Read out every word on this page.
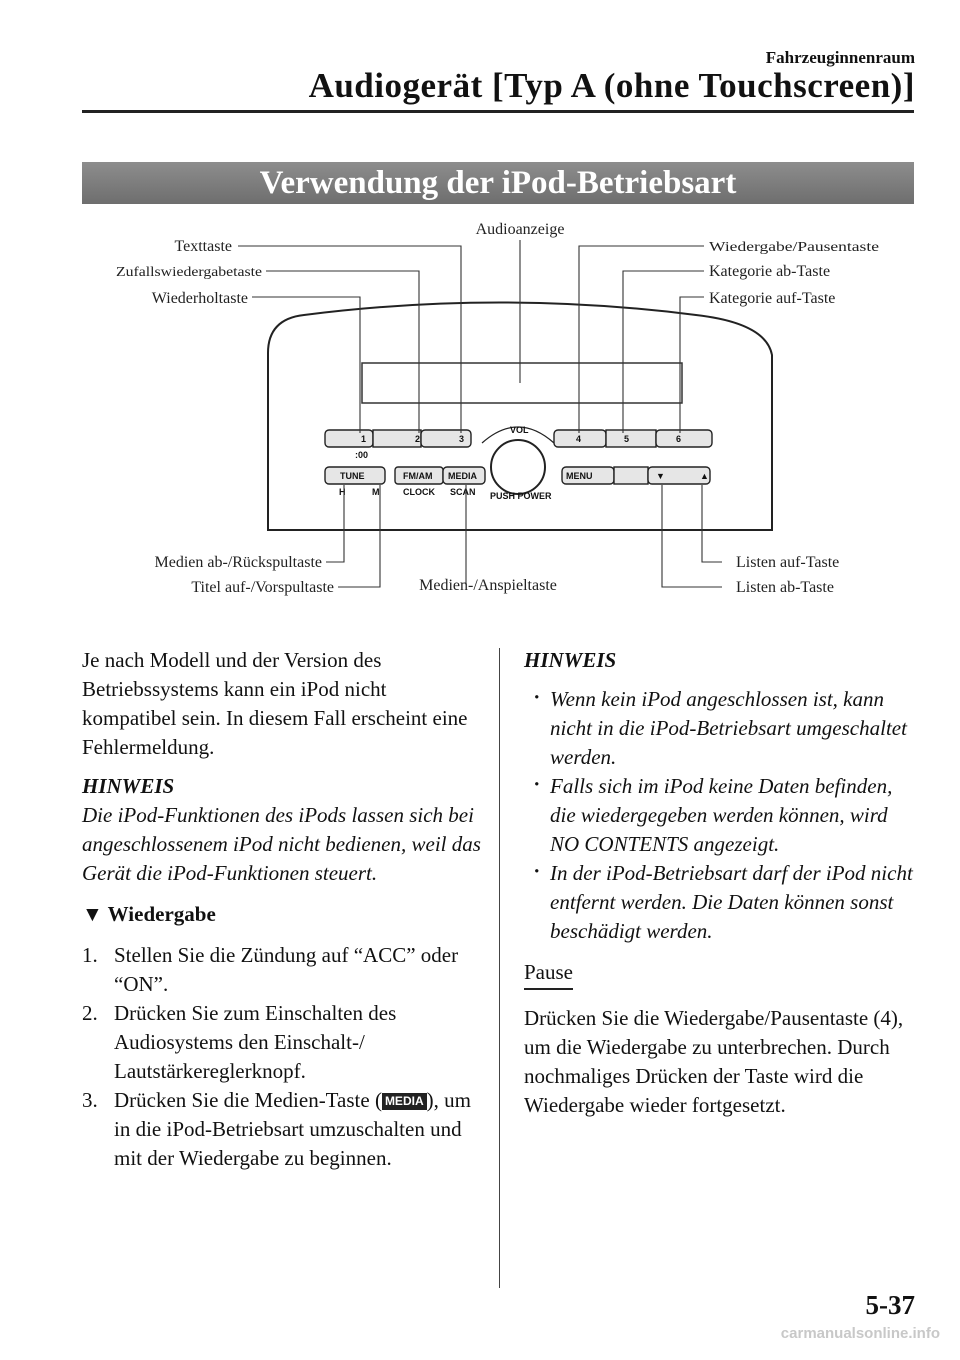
Fahrzeuginnenraum
Audiogerät [Typ A (ohne Touchscreen)]
Verwendung der iPod-Betriebsart
1	2	3	4	5	6
:00
VOL
TUNE	FM/AM MEDIA	MENU
PUSH POWER
H	M	CLOCK SCAN
▼	▲
Texttaste
Zufallswiedergabetaste
Wiederholtaste
Audioanzeige
Wiedergabe/Pausentaste
Kategorie ab-Taste
Kategorie auf-Taste
Medien ab-/Rückspultaste
Titel auf-/Vorspultaste	Medien-/Anspieltaste
Listen auf-Taste
Listen ab-Taste

Je nach Modell und der Version des Betriebssystems kann ein iPod nicht kompatibel sein. In diesem Fall erscheint eine Fehlermeldung.

HINWEIS

Die iPod-Funktionen des iPods lassen sich bei angeschlossenem iPod nicht bedienen, weil das Gerät die iPod-Funktionen steuert.

▼ Wiedergabe

1. Stellen Sie die Zündung auf “ACC” oder “ON”.

2. Drücken Sie zum Einschalten des Audiosystems den Einschalt-/ Lautstärkereglerknopf.

3. Drücken Sie die Medien-Taste ( MEDIA ), um in die iPod-Betriebsart umzuschalten und mit der Wiedergabe zu beginnen.

HINWEIS

· Wenn kein iPod angeschlossen ist, kann nicht in die iPod-Betriebsart umgeschaltet werden.

· Falls sich im iPod keine Daten befinden, die wiedergegeben werden können, wird NO CONTENTS angezeigt.

· In der iPod-Betriebsart darf der iPod nicht entfernt werden. Die Daten können sonst beschädigt werden.

Pause

Drücken Sie die Wiedergabe/Pausentaste (4), um die Wiedergabe zu unterbrechen. Durch nochmaliges Drücken der Taste wird die Wiedergabe wieder fortgesetzt.

5-37
carmanualsonline.info
